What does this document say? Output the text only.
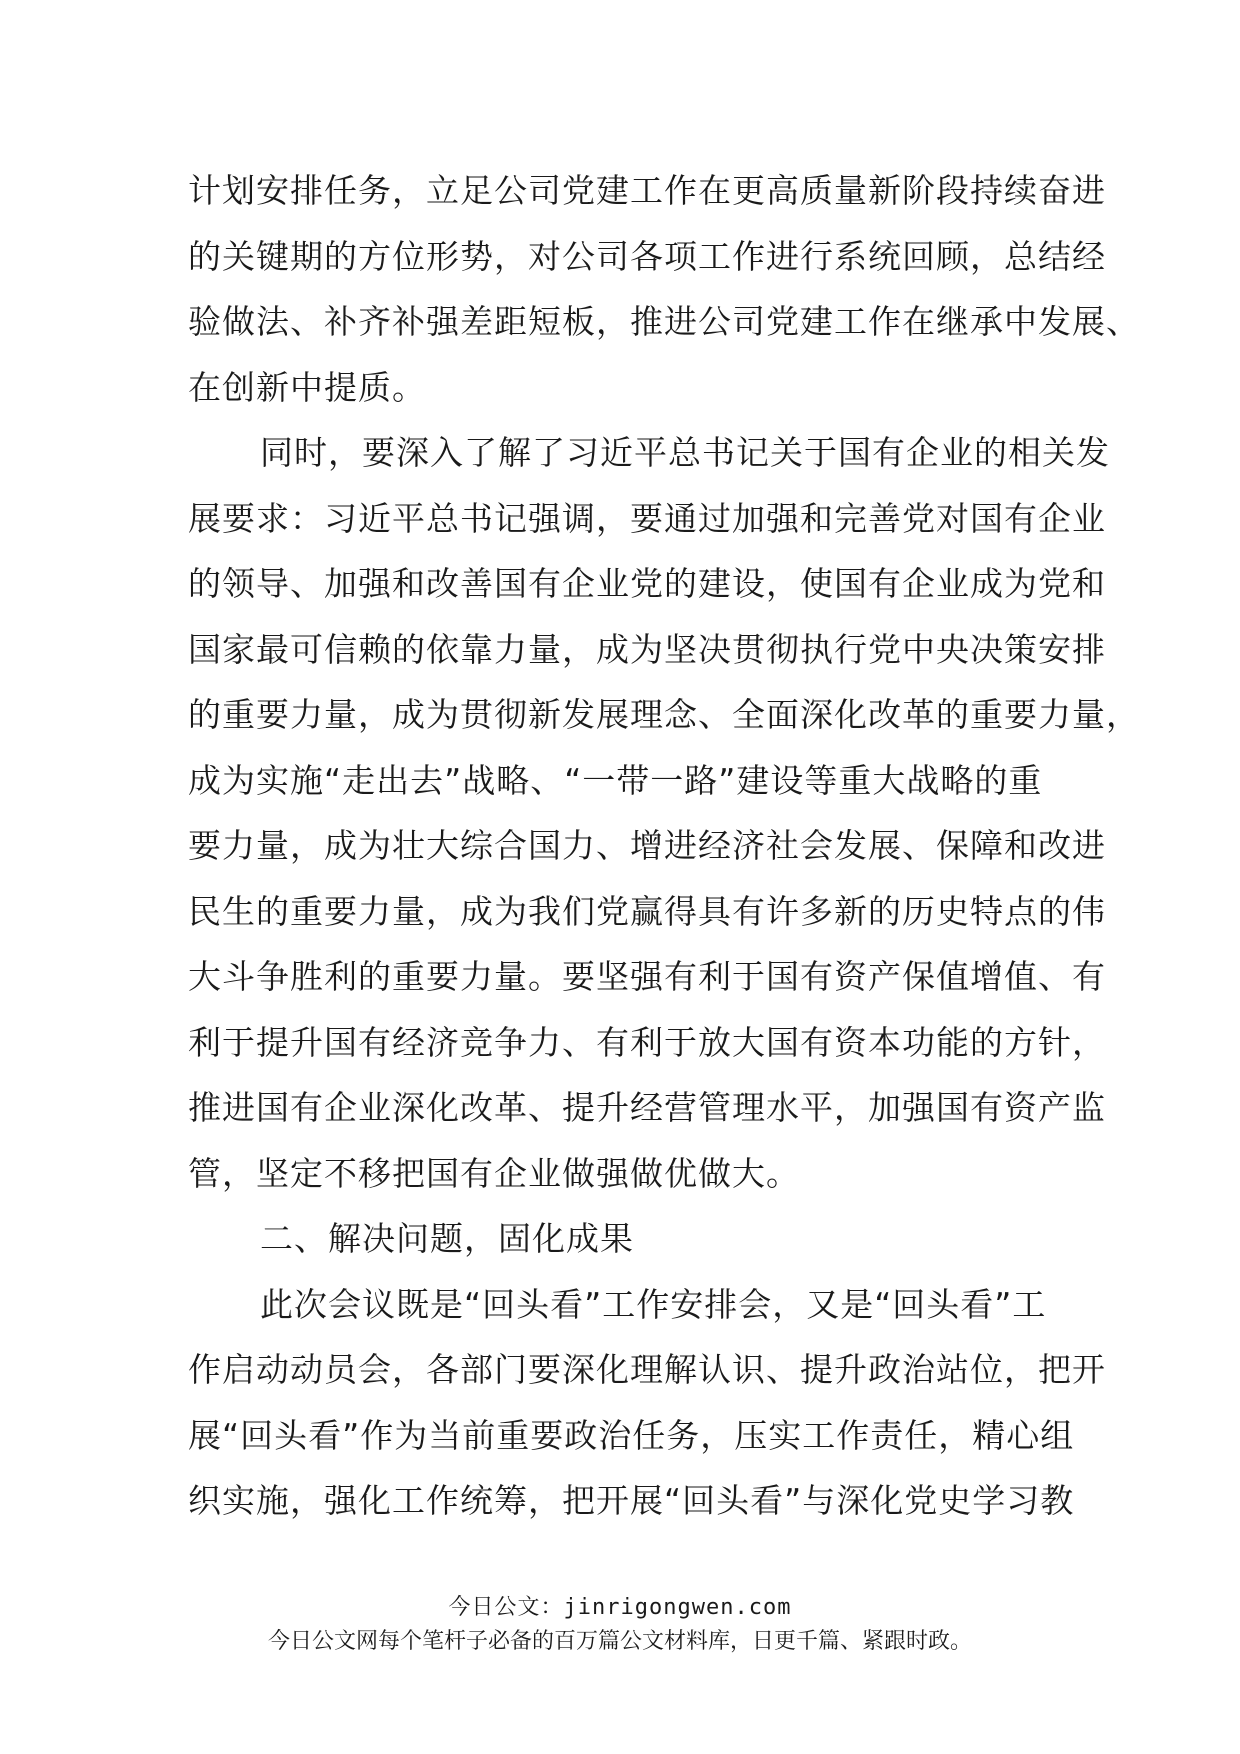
计划安排任务，立足公司党建工作在更高质量新阶段持续奋进
的关键期的方位形势，对公司各项工作进行系统回顾，总结经
验做法、补齐补强差距短板，推进公司党建工作在继承中发展、
在创新中提质。
同时，要深入了解了习近平总书记关于国有企业的相关发
展要求：习近平总书记强调，要通过加强和完善党对国有企业
的领导、加强和改善国有企业党的建设，使国有企业成为党和
国家最可信赖的依靠力量，成为坚决贯彻执行党中央决策安排
的重要力量，成为贯彻新发展理念、全面深化改革的重要力量，
成为实施“走出去”战略、“一带一路”建设等重大战略的重
要力量，成为壮大综合国力、增进经济社会发展、保障和改进
民生的重要力量，成为我们党赢得具有许多新的历史特点的伟
大斗争胜利的重要力量。要坚强有利于国有资产保值增值、有
利于提升国有经济竞争力、有利于放大国有资本功能的方针，
推进国有企业深化改革、提升经营管理水平，加强国有资产监
管，坚定不移把国有企业做强做优做大。
二、解决问题，固化成果
此次会议既是“回头看”工作安排会，又是“回头看”工
作启动动员会，各部门要深化理解认识、提升政治站位，把开
展“回头看”作为当前重要政治任务，压实工作责任，精心组
织实施，强化工作统筹，把开展“回头看”与深化党史学习教
今日公文：jinrigongwen.com
今日公文网每个笔杆子必备的百万篇公文材料库，日更千篇、紧跟时政。
